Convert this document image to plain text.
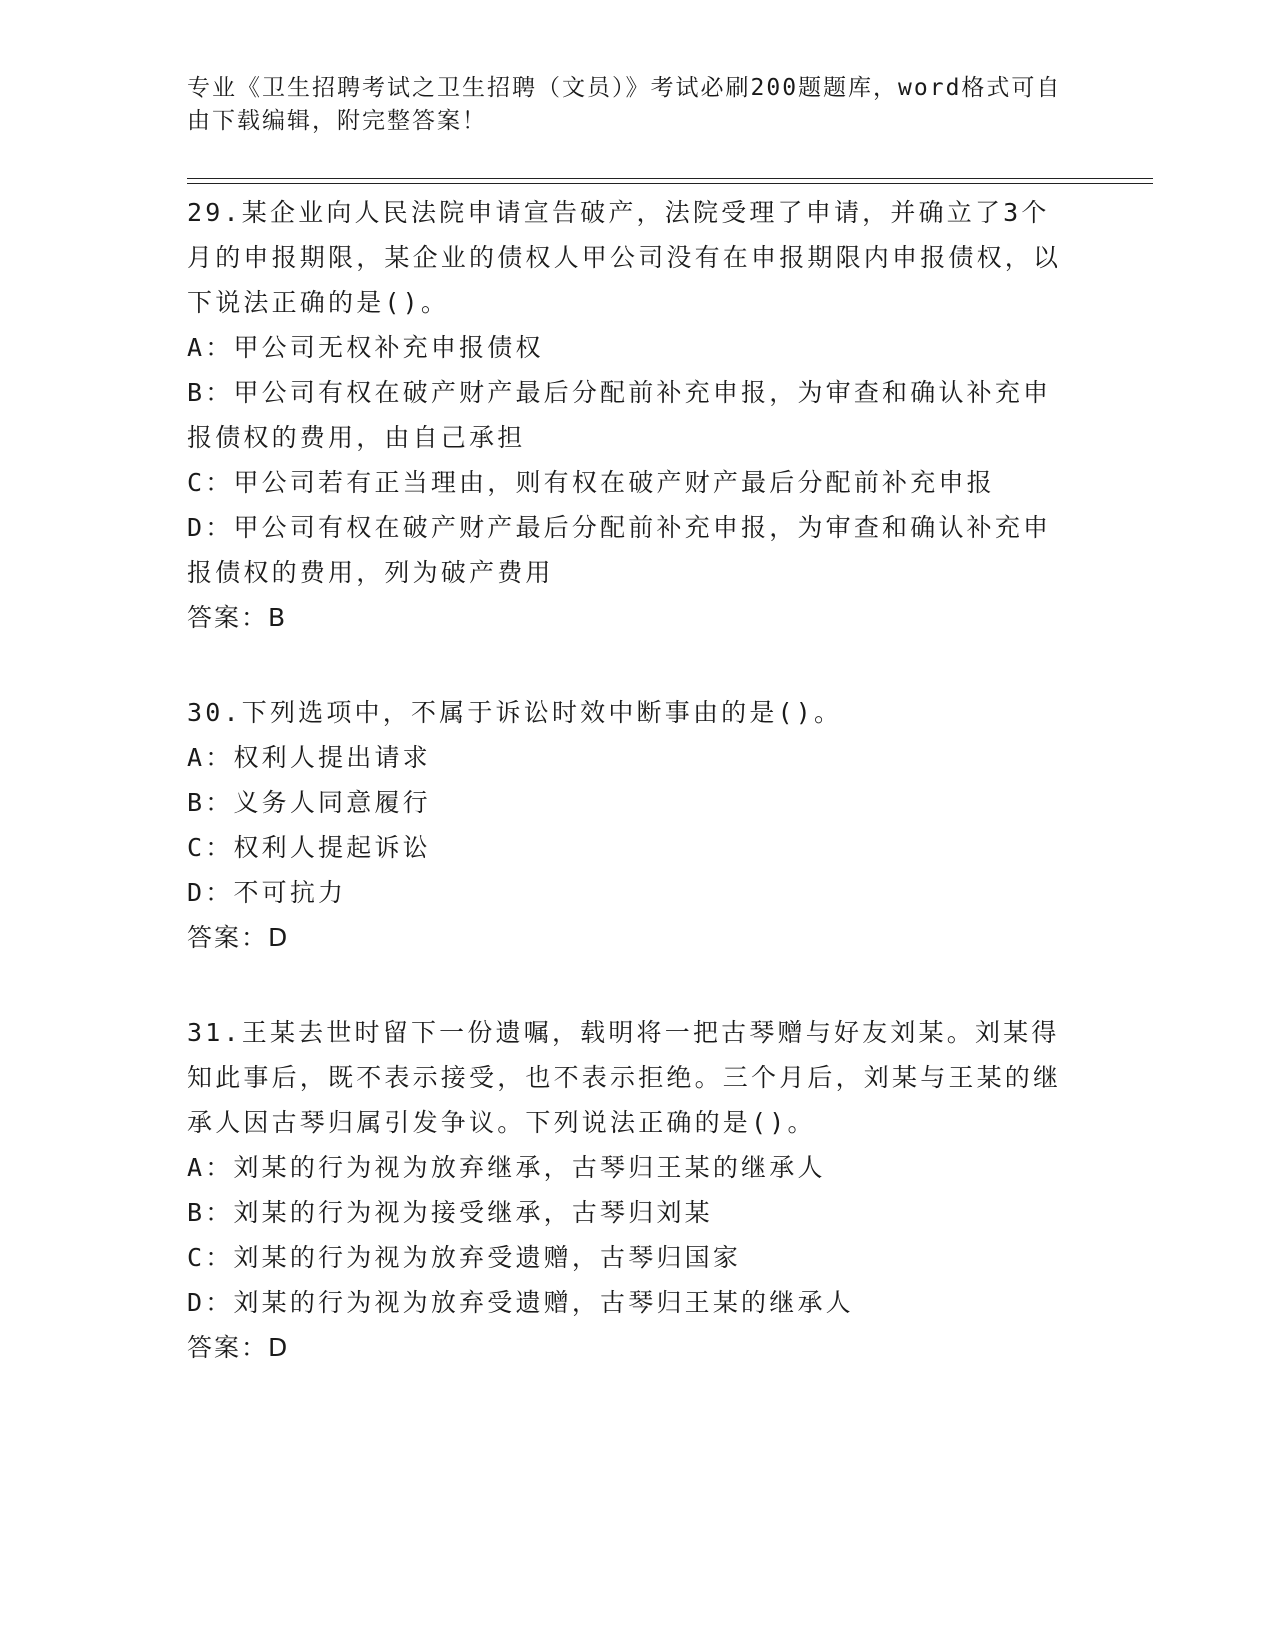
专业《卫生招聘考试之卫生招聘（文员）》考试必刷200题题库，word格式可自由下载编辑，附完整答案！

29.某企业向人民法院申请宣告破产，法院受理了申请，并确立了3个月的申报期限，某企业的债权人甲公司没有在申报期限内申报债权，以下说法正确的是()。

A：甲公司无权补充申报债权

B：甲公司有权在破产财产最后分配前补充申报，为审查和确认补充申报债权的费用，由自己承担

C：甲公司若有正当理由，则有权在破产财产最后分配前补充申报

D：甲公司有权在破产财产最后分配前补充申报，为审查和确认补充申报债权的费用，列为破产费用

答案：B

30.下列选项中，不属于诉讼时效中断事由的是()。

A：权利人提出请求

B：义务人同意履行

C：权利人提起诉讼

D：不可抗力

答案：D

31.王某去世时留下一份遗嘱，载明将一把古琴赠与好友刘某。刘某得知此事后，既不表示接受，也不表示拒绝。三个月后，刘某与王某的继承人因古琴归属引发争议。下列说法正确的是()。

A：刘某的行为视为放弃继承，古琴归王某的继承人

B：刘某的行为视为接受继承，古琴归刘某

C：刘某的行为视为放弃受遗赠，古琴归国家

D：刘某的行为视为放弃受遗赠，古琴归王某的继承人

答案：D
